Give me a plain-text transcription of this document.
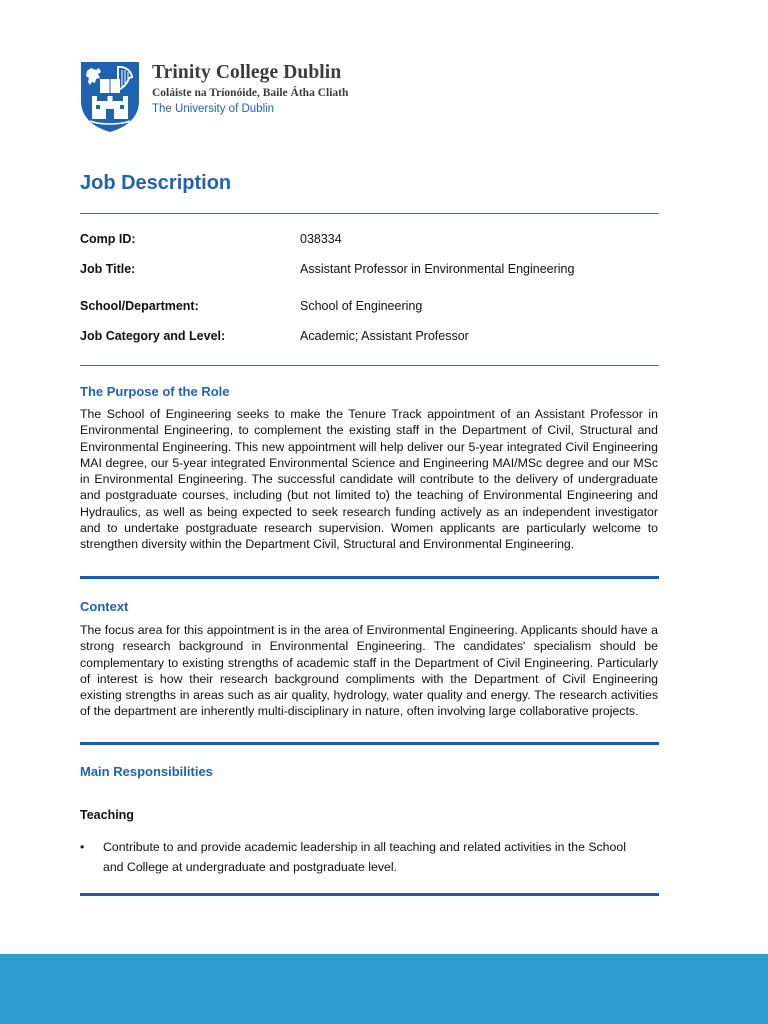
Trinity College Dublin
Coláiste na Tríonóide, Baile Átha Cliath
The University of Dublin
Job Description
Comp ID:	038334
Job Title:	Assistant Professor in Environmental Engineering
School/Department:	School of Engineering
Job Category and Level:	Academic; Assistant Professor
The Purpose of the Role

The School of Engineering seeks to make the Tenure Track appointment of an Assistant Professor in Environmental Engineering, to complement the existing staff in the Department of Civil, Structural and Environmental Engineering. This new appointment will help deliver our 5-year integrated Civil Engineering MAI degree, our 5-year integrated Environmental Science and Engineering MAI/MSc degree and our MSc in Environmental Engineering. The successful candidate will contribute to the delivery of undergraduate and postgraduate courses, including (but not limited to) the teaching of Environmental Engineering and Hydraulics, as well as being expected to seek research funding actively as an independent investigator and to undertake postgraduate research supervision. Women applicants are particularly welcome to strengthen diversity within the Department Civil, Structural and Environmental Engineering.

Context

The focus area for this appointment is in the area of Environmental Engineering. Applicants should have a strong research background in Environmental Engineering. The candidates' specialism should be complementary to existing strengths of academic staff in the Department of Civil Engineering. Particularly of interest is how their research background compliments with the Department of Civil Engineering existing strengths in areas such as air quality, hydrology, water quality and energy. The research activities of the department are inherently multi-disciplinary in nature, often involving large collaborative projects.

Main Responsibilities
Teaching
•	Contribute to and provide academic leadership in all teaching and related activities in the School and College at undergraduate and postgraduate level.
